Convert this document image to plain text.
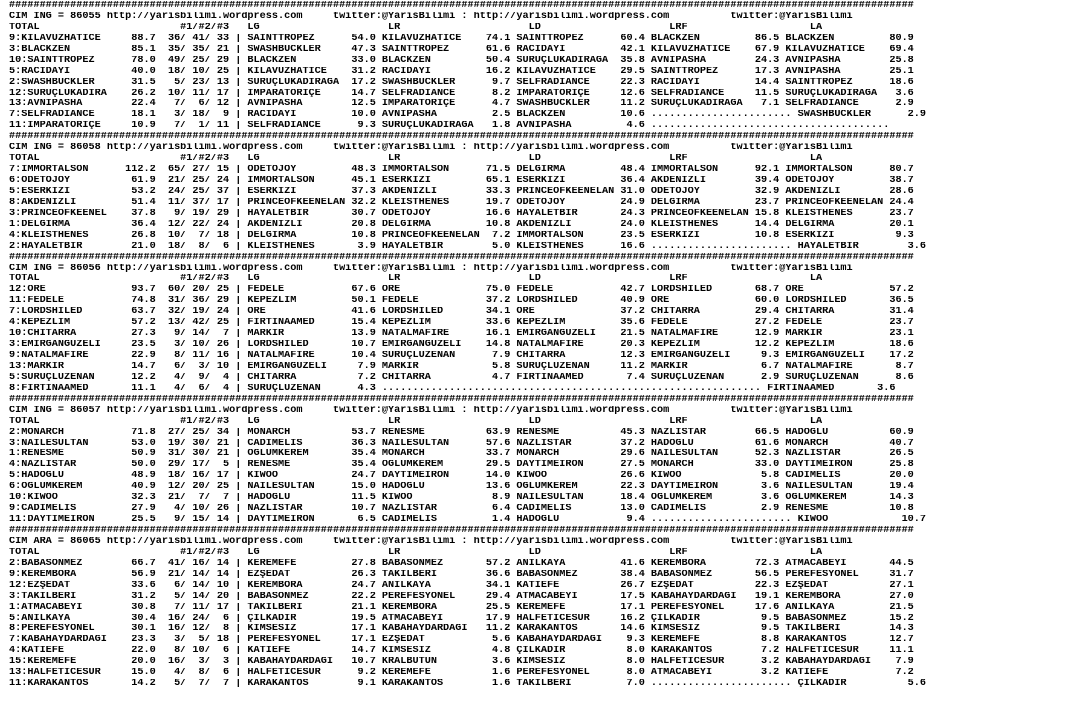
####################################################################################################################################################
CIM ING = 86055 http://yarisbilimi.wordpress.com     twitter:@YarisBilimi : http://yarisbilimi.wordpress.com          twitter:@YarisBilimi
TOTAL                       #1/#2/#3   LG                     LR                     LD                     LRF                    LA
9:KILAVUZHATİCE     88.7  36/ 41/ 33 | SAINTTROPEZ      54.0 KILAVUZHATİCE    74.1 SAINTTROPEZ      60.4 BLACKZEN         86.5 BLACKZEN         80.9
3:BLACKZEN          85.1  35/ 35/ 21 | SWASHBUCKLER     47.3 SAINTTROPEZ      61.6 RACİDAYI         42.1 KILAVUZHATİCE    67.9 KILAVUZHATİCE    69.4
10:SAINTTROPEZ      78.0  49/ 25/ 29 | BLACKZEN         33.0 BLACKZEN         50.4 SURUÇLUKADİRAĞA  35.8 AVNİPASHA        24.3 AVNİPASHA        25.8
5:RACİDAYI          40.0  18/ 10/ 25 | KILAVUZHATİCE    31.2 RACİDAYI         16.2 KILAVUZHATİCE    29.5 SAINTTROPEZ      17.3 AVNİPASHA        25.1
2:SWASHBUCKLER      31.5   5/ 23/ 13 | SURUÇLUKADİRAĞA  17.2 SWASHBUCKLER      9.7 SELFRADIANCE     22.3 RACİDAYI         14.4 SAINTTROPEZ      18.6
12:SURUÇLUKADİRA    26.2  10/ 11/ 17 | İMPARATORİÇE     14.7 SELFRADIANCE      8.2 İMPARATORİÇE     12.6 SELFRADIANCE     11.5 SURUÇLUKADİRAĞA   3.6
13:AVNİPASHA        22.4   7/  6/ 12 | AVNİPASHA        12.5 İMPARATORİÇE      4.7 SWASHBUCKLER     11.2 SURUÇLUKADİRAĞA   7.1 SELFRADIANCE      2.9
7:SELFRADIANCE      18.1   3/ 18/  9 | RACİDAYI         10.0 AVNİPASHA         2.5 BLACKZEN         10.6 ....................... SWASHBUCKLER      2.9
11:İMPARATORİÇE     10.9   7/  1/ 11 | SELFRADIANCE      9.3 SURUÇLUKADİRAĞA   1.8 AVNİPASHA         4.6 .......................................
####################################################################################################################################################
CIM ING = 86058 http://yarisbilimi.wordpress.com     twitter:@YarisBilimi : http://yarisbilimi.wordpress.com          twitter:@YarisBilimi
TOTAL                       #1/#2/#3   LG                     LR                     LD                     LRF                    LA
7:IMMORTALSON      112.2  65/ 27/ 15 | ODETOJOY         48.3 IMMORTALSON      71.5 DELGİRMA         48.4 IMMORTALSON      92.1 IMMORTALSON      80.7
6:ODETOJOY          61.9  21/ 25/ 24 | IMMORTALSON      45.1 ESERKİZİ         65.1 ESERKİZİ         36.4 AKDENİZLİ        39.4 ODETOJOY         38.7
5:ESERKİZİ          53.2  24/ 25/ 37 | ESERKİZİ         37.3 AKDENİZLİ        33.3 PRINCEOFKEENELAN 31.0 ODETOJOY         32.9 AKDENİZLİ        28.6
8:AKDENİZLİ         51.4  11/ 37/ 17 | PRINCEOFKEENELAN 32.2 KLEISTHENES      19.7 ODETOJOY         24.9 DELGİRMA         23.7 PRINCEOFKEENELAN 24.4
3:PRINCEOFKEENEL    37.8   9/ 19/ 29 | HAYALETBİR       30.7 ODETOJOY         16.6 HAYALETBİR       24.3 PRINCEOFKEENELAN 15.8 KLEISTHENES      23.7
1:DELGİRMA          36.4  12/ 22/ 24 | AKDENİZLİ        20.8 DELGİRMA         10.8 AKDENİZLİ        24.0 KLEISTHENES      14.4 DELGİRMA         20.1
4:KLEISTHENES       26.8  10/  7/ 18 | DELGİRMA         10.8 PRINCEOFKEENELAN  7.2 IMMORTALSON      23.5 ESERKİZİ         10.8 ESERKİZİ          9.3
2:HAYALETBİR        21.0  18/  8/  6 | KLEISTHENES       3.9 HAYALETBİR        5.0 KLEISTHENES      16.6 ....................... HAYALETBİR        3.6
####################################################################################################################################################
CIM ING = 86056 http://yarisbilimi.wordpress.com     twitter:@YarisBilimi : http://yarisbilimi.wordpress.com          twitter:@YarisBilimi
TOTAL                       #1/#2/#3   LG                     LR                     LD                     LRF                    LA
12:ORE              93.7  60/ 20/ 25 | FEDELE           67.6 ORE              75.0 FEDELE           42.7 LORDSHILED       68.7 ORE              57.2
11:FEDELE           74.8  31/ 36/ 29 | KEPEZLİM         50.1 FEDELE           37.2 LORDSHILED       40.9 ORE              60.0 LORDSHILED       36.5
7:LORDSHILED        63.7  32/ 19/ 24 | ORE              41.6 LORDSHILED       34.1 ORE              37.2 CHITARRA         29.4 CHITARRA         31.4
4:KEPEZLİM          57.2  13/ 42/ 25 | FIRTINAAMED      15.4 KEPEZLİM         33.6 KEPEZLİM         35.6 FEDELE           27.2 FEDELE           23.7
10:CHITARRA         27.3   9/ 14/  7 | MARKIR           13.9 NATALMAFIRE      16.1 EMİRGANGÜZELİ    21.5 NATALMAFIRE      12.9 MARKIR           23.1
3:EMİRGANGÜZELİ     23.5   3/ 10/ 26 | LORDSHILED       10.7 EMİRGANGÜZELİ    14.8 NATALMAFIRE      20.3 KEPEZLİM         12.2 KEPEZLİM         18.6
9:NATALMAFIRE       22.9   8/ 11/ 16 | NATALMAFIRE      10.4 SURUÇLUZENAN      7.9 CHITARRA         12.3 EMİRGANGÜZELİ     9.3 EMİRGANGÜZELİ    17.2
13:MARKIR           14.7   6/  3/ 10 | EMİRGANGÜZELİ     7.9 MARKIR            5.8 SURUÇLUZENAN     11.2 MARKIR            6.7 NATALMAFIRE       8.7
5:SURUÇLUZENAN      12.2   4/  9/  4 | CHITARRA          7.2 CHITARRA          4.7 FIRTINAAMED       7.4 SURUÇLUZENAN      2.9 SURUÇLUZENAN      8.6
8:FIRTINAAMED       11.1   4/  6/  4 | SURUÇLUZENAN      4.3 .............................................................. FIRTINAAMED       3.6
####################################################################################################################################################
CIM ING = 86057 http://yarisbilimi.wordpress.com     twitter:@YarisBilimi : http://yarisbilimi.wordpress.com          twitter:@YarisBilimi
TOTAL                       #1/#2/#3   LG                     LR                     LD                     LRF                    LA
2:MONARCH           71.8  27/ 25/ 34 | MONARCH          53.7 RENESME          63.9 RENESME          45.3 NAZLISTAR        66.5 HADOĞLU          60.9
3:NAİLESULTAN       53.0  19/ 30/ 21 | CADİMELİS        36.3 NAİLESULTAN      57.6 NAZLISTAR        37.2 HADOĞLU          61.6 MONARCH          40.7
1:RENESME           50.9  31/ 30/ 21 | OĞLUMKEREM       35.4 MONARCH          33.7 MONARCH          29.6 NAİLESULTAN      52.3 NAZLISTAR        26.5
4:NAZLISTAR         50.0  29/ 17/  5 | RENESME          35.4 OĞLUMKEREM       29.5 DAYTIMEIRON      27.5 MONARCH          33.0 DAYTIMEIRON      25.8
5:HADOĞLU           48.9  18/ 16/ 17 | KIWOO            24.7 DAYTIMEIRON      14.0 KIWOO            26.6 KIWOO             5.8 CADİMELİS        20.0
6:OĞLUMKEREM        40.9  12/ 20/ 25 | NAİLESULTAN      15.0 HADOĞLU          13.6 OĞLUMKEREM       22.3 DAYTIMEIRON       3.6 NAİLESULTAN      19.4
10:KIWOO            32.3  21/  7/  7 | HADOĞLU          11.5 KIWOO             8.9 NAİLESULTAN      18.4 OĞLUMKEREM        3.6 OĞLUMKEREM       14.3
9:CADİMELİS         27.9   4/ 10/ 26 | NAZLISTAR        10.7 NAZLISTAR         6.4 CADİMELİS        13.0 CADİMELİS         2.9 RENESME          10.8
11:DAYTIMEIRON      25.5   9/ 15/ 14 | DAYTIMEIRON       6.5 CADİMELİS         1.4 HADOĞLU           9.4 ....................... KIWOO            10.7
####################################################################################################################################################
CIM ARA = 86065 http://yarisbilimi.wordpress.com     twitter:@YarisBilimi : http://yarisbilimi.wordpress.com          twitter:@YarisBilimi
TOTAL                       #1/#2/#3   LG                     LR                     LD                     LRF                    LA
2:BABASÖNMEZ        66.7  41/ 16/ 14 | KEREMEFE         27.8 BABASÖNMEZ       57.2 ANILKAYA         41.6 KEREMBORA        72.3 ATMACABEYİ       44.5
9:KEREMBORA         56.9  21/ 14/ 14 | EZŞEDAT          26.3 TAKILBERİ        36.6 BABASÖNMEZ       38.4 BABASÖNMEZ       56.5 PEREFESYONEL     31.7
12:EZŞEDAT          33.6   6/ 14/ 10 | KEREMBORA        24.7 ANILKAYA         34.1 KATİEFE          26.7 EZŞEDAT          22.3 EZŞEDAT          27.1
3:TAKILBERİ         31.2   5/ 14/ 20 | BABASÖNMEZ       22.2 PEREFESYONEL     29.4 ATMACABEYİ       17.5 KABAHAYDARDAĞI   19.1 KEREMBORA        27.0
1:ATMACABEYİ        30.8   7/ 11/ 17 | TAKILBERİ        21.1 KEREMBORA        25.5 KEREMEFE         17.1 PEREFESYONEL     17.6 ANILKAYA         21.5
5:ANILKAYA          30.4  16/ 24/  6 | ÇILKADIR         19.5 ATMACABEYİ       17.9 HALFETİCESUR     16.2 ÇILKADIR          9.5 BABASÖNMEZ       15.2
8:PEREFESYONEL      30.1  16/ 12/  8 | KİMSESİZ         17.1 KABAHAYDARDAĞI   11.2 KARAKANTOS       14.6 KİMSESİZ          9.5 TAKILBERİ        14.3
7:KABAHAYDARDAĞI    23.3   3/  5/ 18 | PEREFESYONEL     17.1 EZŞEDAT           5.6 KABAHAYDARDAĞI    9.3 KEREMEFE          8.8 KARAKANTOS       12.7
4:KATİEFE           22.0   8/ 10/  6 | KATİEFE          14.7 KİMSESİZ          4.8 ÇILKADIR          8.0 KARAKANTOS        7.2 HALFETİCESUR     11.1
15:KEREMEFE         20.0  16/  3/  3 | KABAHAYDARDAĞI   10.7 KRALBÜTÜN         3.6 KİMSESİZ          8.0 HALFETİCESUR      3.2 KABAHAYDARDAĞI    7.9
13:HALFETİCESUR     15.0   4/  8/  6 | HALFETİCESUR      9.2 KEREMEFE          1.6 PEREFESYONEL      8.0 ATMACABEYİ        3.2 KATİEFE           7.2
11:KARAKANTOS       14.2   5/  7/  7 | KARAKANTOS        9.1 KARAKANTOS        1.6 TAKILBERİ         7.0 ....................... ÇILKADIR          5.6
